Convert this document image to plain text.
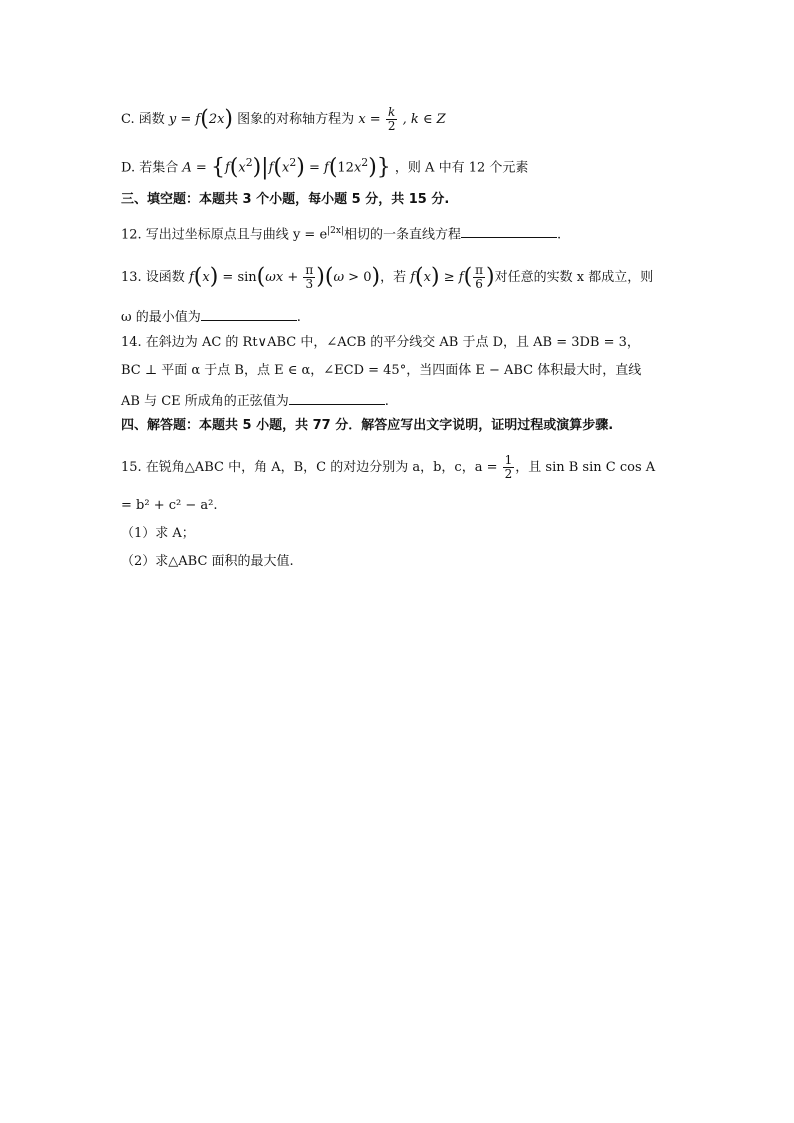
C. 函数 y = f(2x) 图象的对称轴方程为 $x = \frac{k}{2}$ , k ∈ Z
D. 若集合 $A = \{f(x^2)|f(x^2) = f(12x^2)\}$ ，则 A 中有 12 个元素
三、填空题：本题共 3 个小题，每小题 5 分，共 15 分.
12. 写出过坐标原点且与曲线 $y = e^{|2x|}$相切的一条直线方程	.
13. 设函数 $f(x) = \sin(\omega x + \frac{\pi}{3} )(\omega > 0)$，若 $f(x) \ge f( \frac{\pi}{6}$ )对任意的实数 x 都成立，则
ω 的最小值为	.
14. 在斜边为 AC 的 Rt∨ABC 中，∠ACB 的平分线交 AB 于点 D，且 AB = 3DB = 3，
BC ⊥ 平面 α 于点 B，点 E ∈ α，∠ECD = 45°，当四面体 E − ABC 体积最大时，直线
AB 与 CE 所成角的正弦值为	.
四、解答题：本题共 5 小题，共 77 分．解答应写出文字说明，证明过程或演算步骤.
15. 在锐角△ABC 中，角 A，B，C 的对边分别为 a，b，c，$a = \frac{1}{2}$ ，且 sin B sin C cos A
= b² + c² − a².
（1）求 A；
（2）求△ABC 面积的最大值.
